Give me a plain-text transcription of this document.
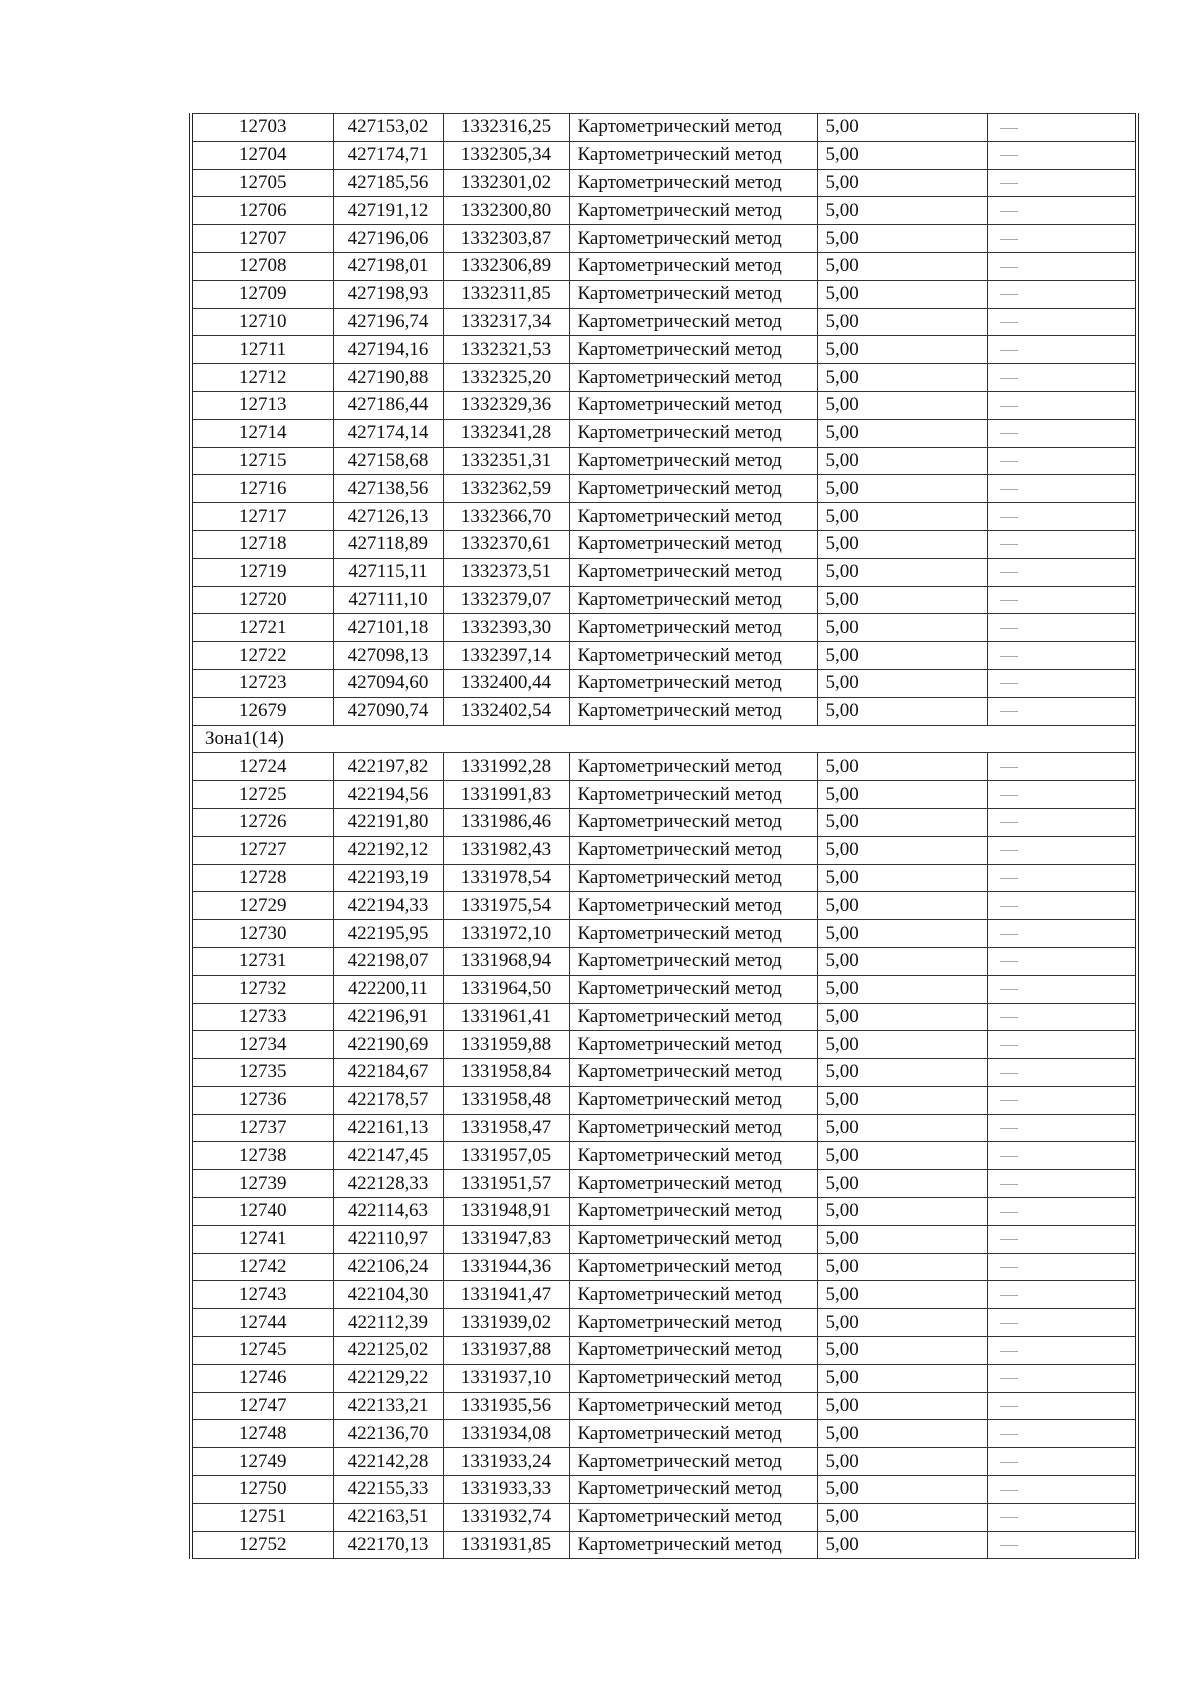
12703	427153,02	1332316,25	Картометрический метод	5,00	
12704	427174,71	1332305,34	Картометрический метод	5,00	
12705	427185,56	1332301,02	Картометрический метод	5,00	
12706	427191,12	1332300,80	Картометрический метод	5,00	
12707	427196,06	1332303,87	Картометрический метод	5,00	
12708	427198,01	1332306,89	Картометрический метод	5,00	
12709	427198,93	1332311,85	Картометрический метод	5,00	
12710	427196,74	1332317,34	Картометрический метод	5,00	
12711	427194,16	1332321,53	Картометрический метод	5,00	
12712	427190,88	1332325,20	Картометрический метод	5,00	
12713	427186,44	1332329,36	Картометрический метод	5,00	
12714	427174,14	1332341,28	Картометрический метод	5,00	
12715	427158,68	1332351,31	Картометрический метод	5,00	
12716	427138,56	1332362,59	Картометрический метод	5,00	
12717	427126,13	1332366,70	Картометрический метод	5,00	
12718	427118,89	1332370,61	Картометрический метод	5,00	
12719	427115,11	1332373,51	Картометрический метод	5,00	
12720	427111,10	1332379,07	Картометрический метод	5,00	
12721	427101,18	1332393,30	Картометрический метод	5,00	
12722	427098,13	1332397,14	Картометрический метод	5,00	
12723	427094,60	1332400,44	Картометрический метод	5,00	
12679	427090,74	1332402,54	Картометрический метод	5,00	
Зона1(14)					
12724	422197,82	1331992,28	Картометрический метод	5,00	
12725	422194,56	1331991,83	Картометрический метод	5,00	
12726	422191,80	1331986,46	Картометрический метод	5,00	
12727	422192,12	1331982,43	Картометрический метод	5,00	
12728	422193,19	1331978,54	Картометрический метод	5,00	
12729	422194,33	1331975,54	Картометрический метод	5,00	
12730	422195,95	1331972,10	Картометрический метод	5,00	
12731	422198,07	1331968,94	Картометрический метод	5,00	
12732	422200,11	1331964,50	Картометрический метод	5,00	
12733	422196,91	1331961,41	Картометрический метод	5,00	
12734	422190,69	1331959,88	Картометрический метод	5,00	
12735	422184,67	1331958,84	Картометрический метод	5,00	
12736	422178,57	1331958,48	Картометрический метод	5,00	
12737	422161,13	1331958,47	Картометрический метод	5,00	
12738	422147,45	1331957,05	Картометрический метод	5,00	
12739	422128,33	1331951,57	Картометрический метод	5,00	
12740	422114,63	1331948,91	Картометрический метод	5,00	
12741	422110,97	1331947,83	Картометрический метод	5,00	
12742	422106,24	1331944,36	Картометрический метод	5,00	
12743	422104,30	1331941,47	Картометрический метод	5,00	
12744	422112,39	1331939,02	Картометрический метод	5,00	
12745	422125,02	1331937,88	Картометрический метод	5,00	
12746	422129,22	1331937,10	Картометрический метод	5,00	
12747	422133,21	1331935,56	Картометрический метод	5,00	
12748	422136,70	1331934,08	Картометрический метод	5,00	
12749	422142,28	1331933,24	Картометрический метод	5,00	
12750	422155,33	1331933,33	Картометрический метод	5,00	
12751	422163,51	1331932,74	Картометрический метод	5,00	
12752	422170,13	1331931,85	Картометрический метод	5,00	
